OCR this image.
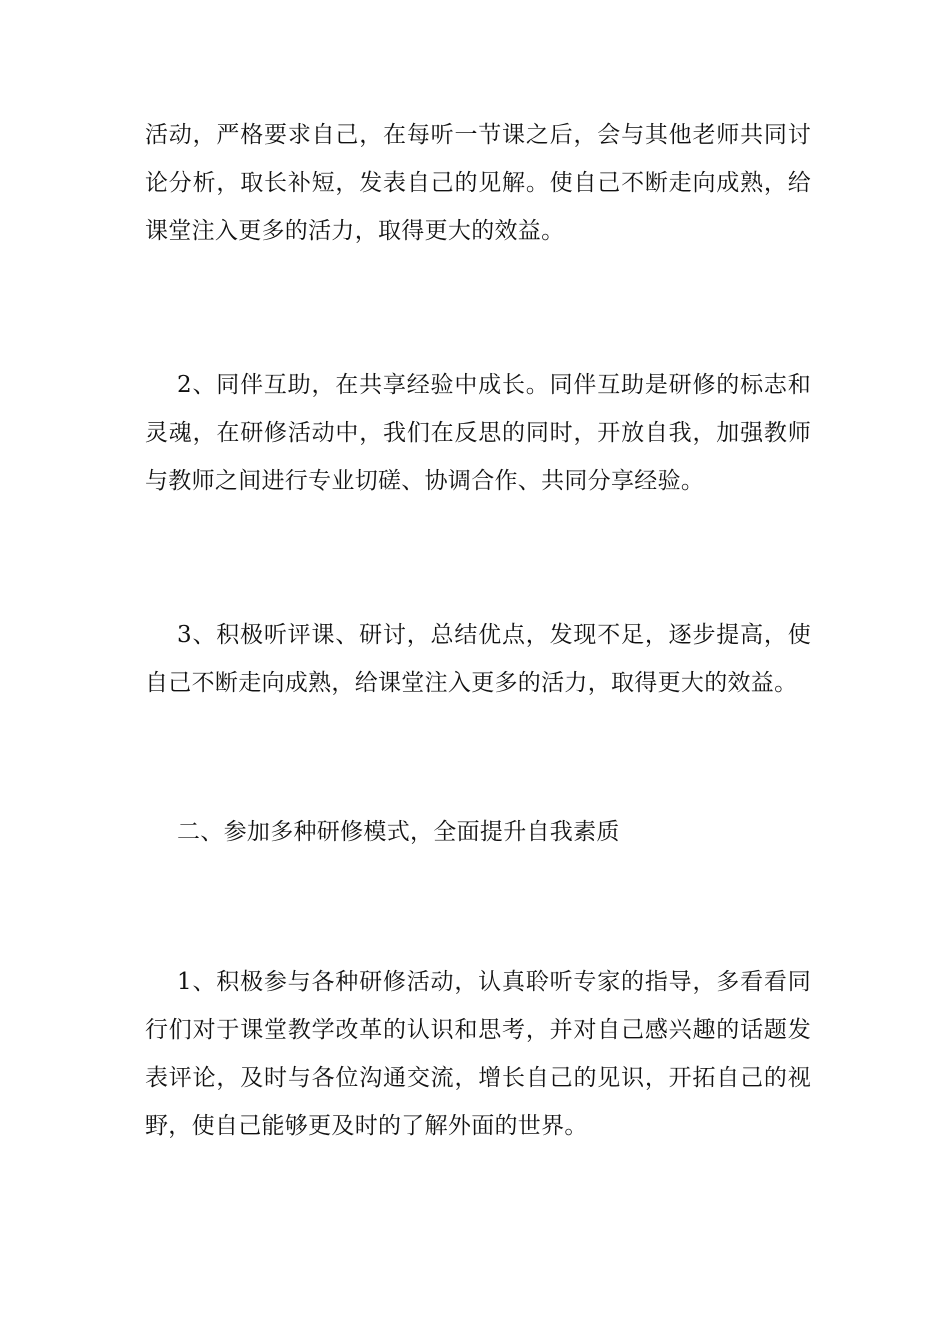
活动，严格要求自己，在每听一节课之后，会与其他老师共同讨论分析，取长补短，发表自己的见解。使自己不断走向成熟，给课堂注入更多的活力，取得更大的效益。

2、同伴互助，在共享经验中成长。同伴互助是研修的标志和灵魂，在研修活动中，我们在反思的同时，开放自我，加强教师与教师之间进行专业切磋、协调合作、共同分享经验。

3、积极听评课、研讨，总结优点，发现不足，逐步提高，使自己不断走向成熟，给课堂注入更多的活力，取得更大的效益。

二、参加多种研修模式，全面提升自我素质

1、积极参与各种研修活动，认真聆听专家的指导，多看看同行们对于课堂教学改革的认识和思考，并对自己感兴趣的话题发表评论，及时与各位沟通交流，增长自己的见识，开拓自己的视野，使自己能够更及时的了解外面的世界。
